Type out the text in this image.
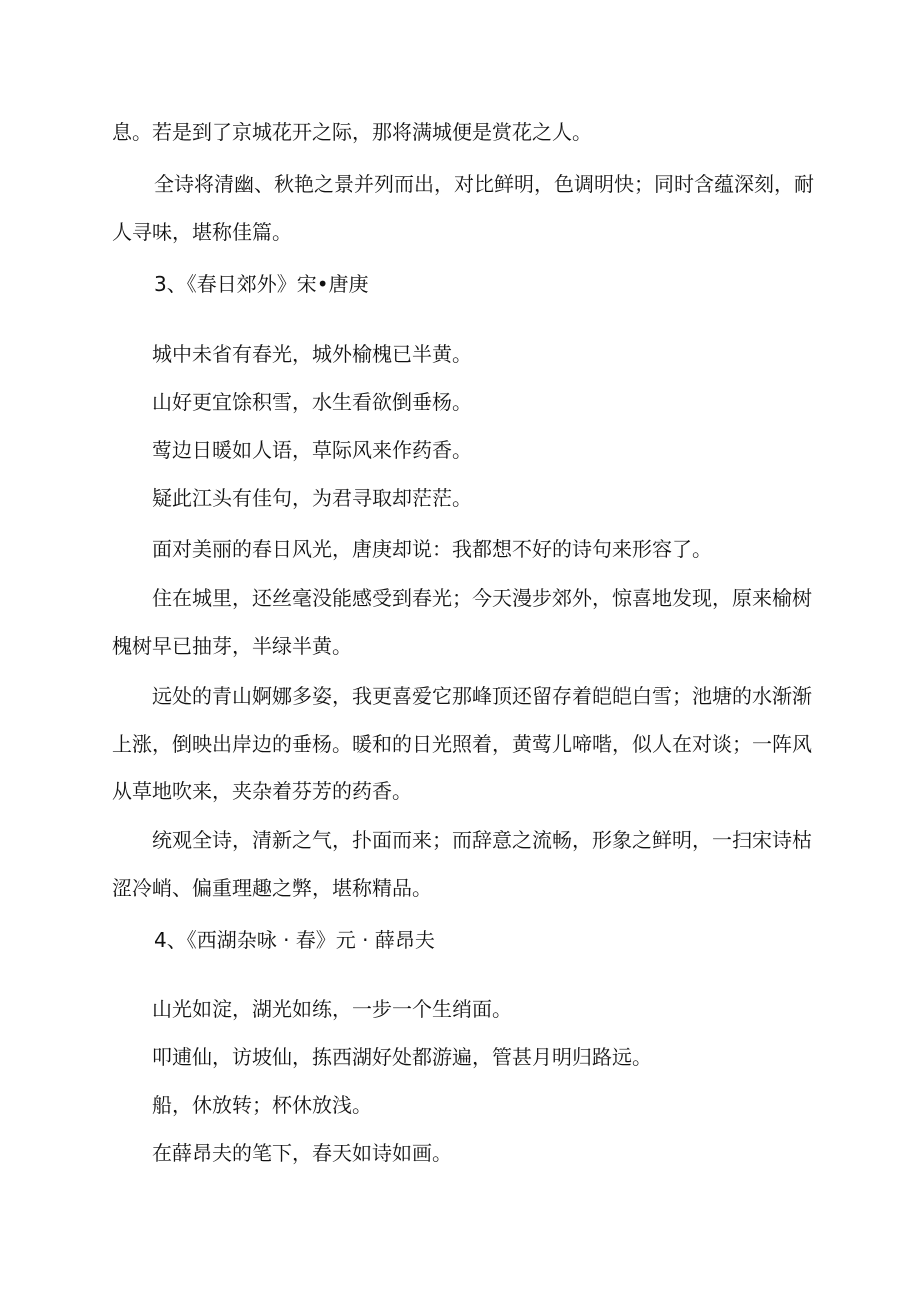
息。若是到了京城花开之际，那将满城便是赏花之人。
全诗将清幽、秋艳之景并列而出，对比鲜明，色调明快；同时含蕴深刻，耐
人寻味，堪称佳篇。
3、《春日郊外》宋•唐庚
城中未省有春光，城外榆槐已半黄。
山好更宜馀积雪，水生看欲倒垂杨。
莺边日暖如人语，草际风来作药香。
疑此江头有佳句，为君寻取却茫茫。
面对美丽的春日风光，唐庚却说：我都想不好的诗句来形容了。
住在城里，还丝毫没能感受到春光；今天漫步郊外，惊喜地发现，原来榆树
槐树早已抽芽，半绿半黄。
远处的青山婀娜多姿，我更喜爱它那峰顶还留存着皑皑白雪；池塘的水渐渐
上涨，倒映出岸边的垂杨。暖和的日光照着，黄莺儿啼喈，似人在对谈；一阵风
从草地吹来，夹杂着芬芳的药香。
统观全诗，清新之气，扑面而来；而辞意之流畅，形象之鲜明，一扫宋诗枯
涩冷峭、偏重理趣之弊，堪称精品。
4、《西湖杂咏 · 春》元 · 薛昂夫
山光如淀，湖光如练，一步一个生绡面。
叩逋仙，访坡仙，拣西湖好处都游遍，管甚月明归路远。
船，休放转；杯休放浅。
在薛昂夫的笔下，春天如诗如画。
